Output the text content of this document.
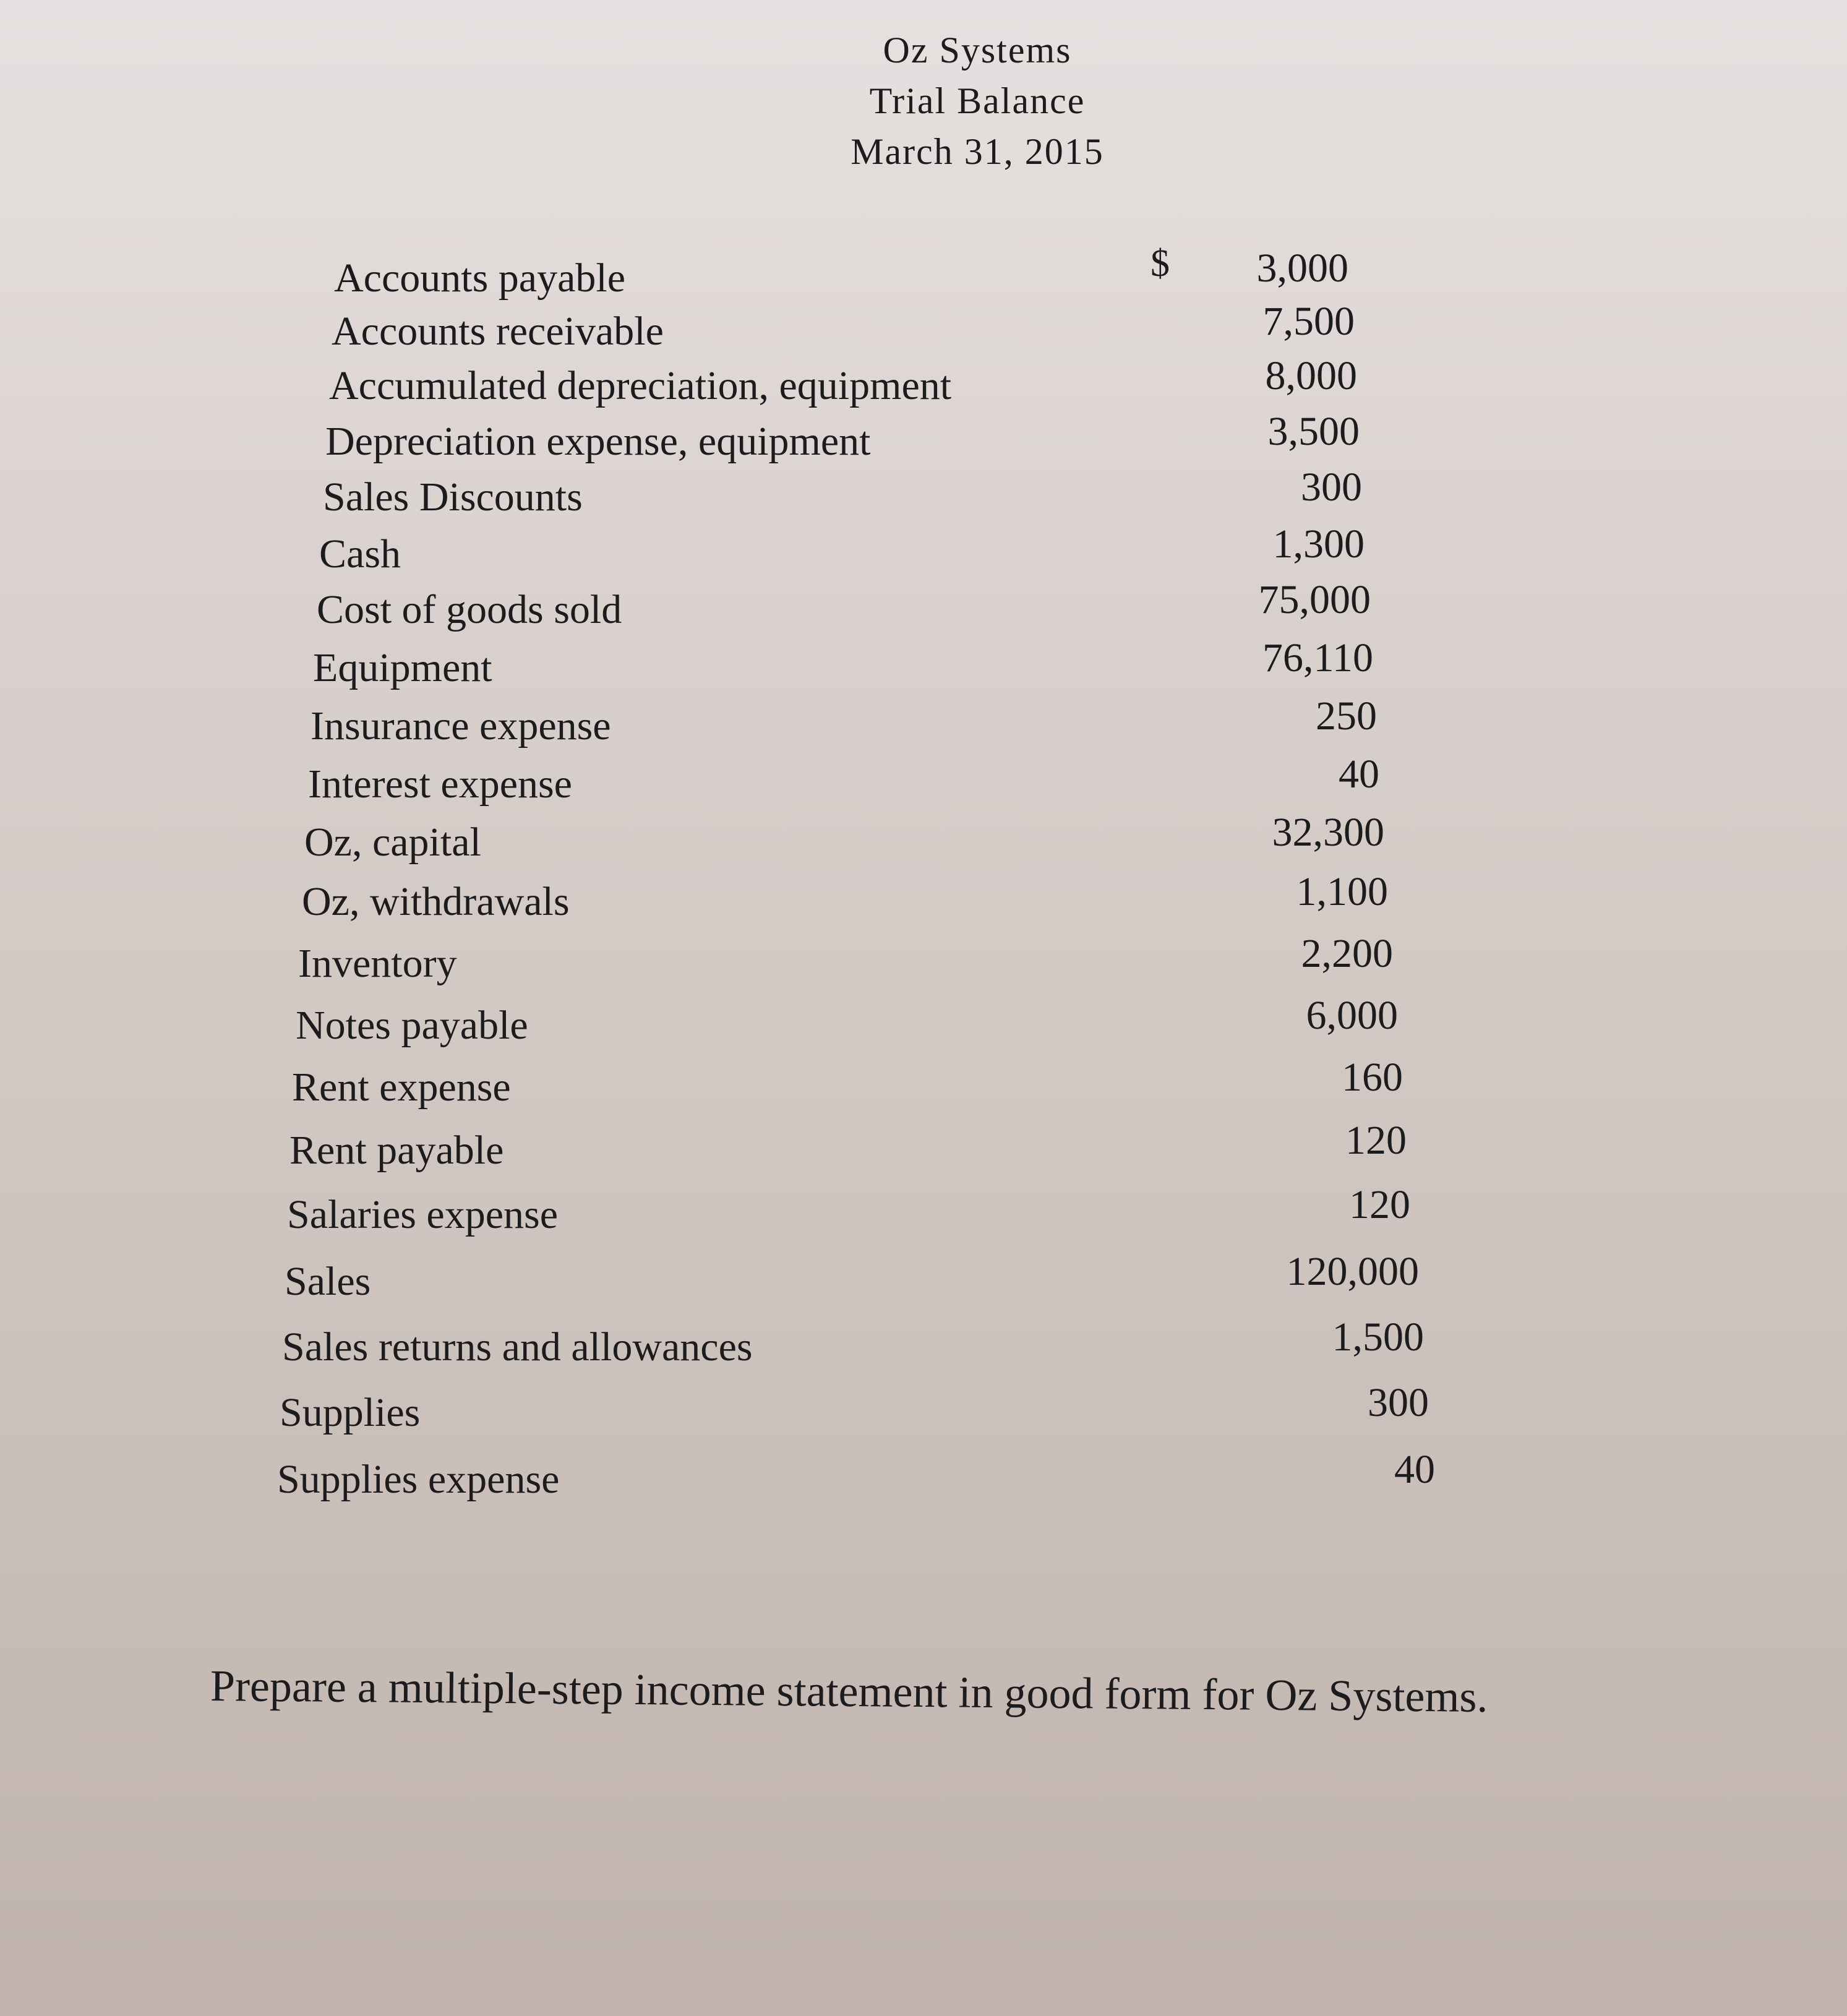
Oz Systems
Trial Balance
March 31, 2015
$
Accounts payable	3,000
Accounts receivable	7,500
Accumulated depreciation, equipment	8,000
Depreciation expense, equipment	3,500
Sales Discounts	300
Cash	1,300
Cost of goods sold	75,000
Equipment	76,110
Insurance expense	250
Interest expense	40
Oz, capital	32,300
Oz, withdrawals	1,100
Inventory	2,200
Notes payable	6,000
Rent expense	160
Rent payable	120
Salaries expense	120
Sales	120,000
Sales returns and allowances	1,500
Supplies	300
Supplies expense	40
Prepare a multiple-step income statement in good form for Oz Systems.
